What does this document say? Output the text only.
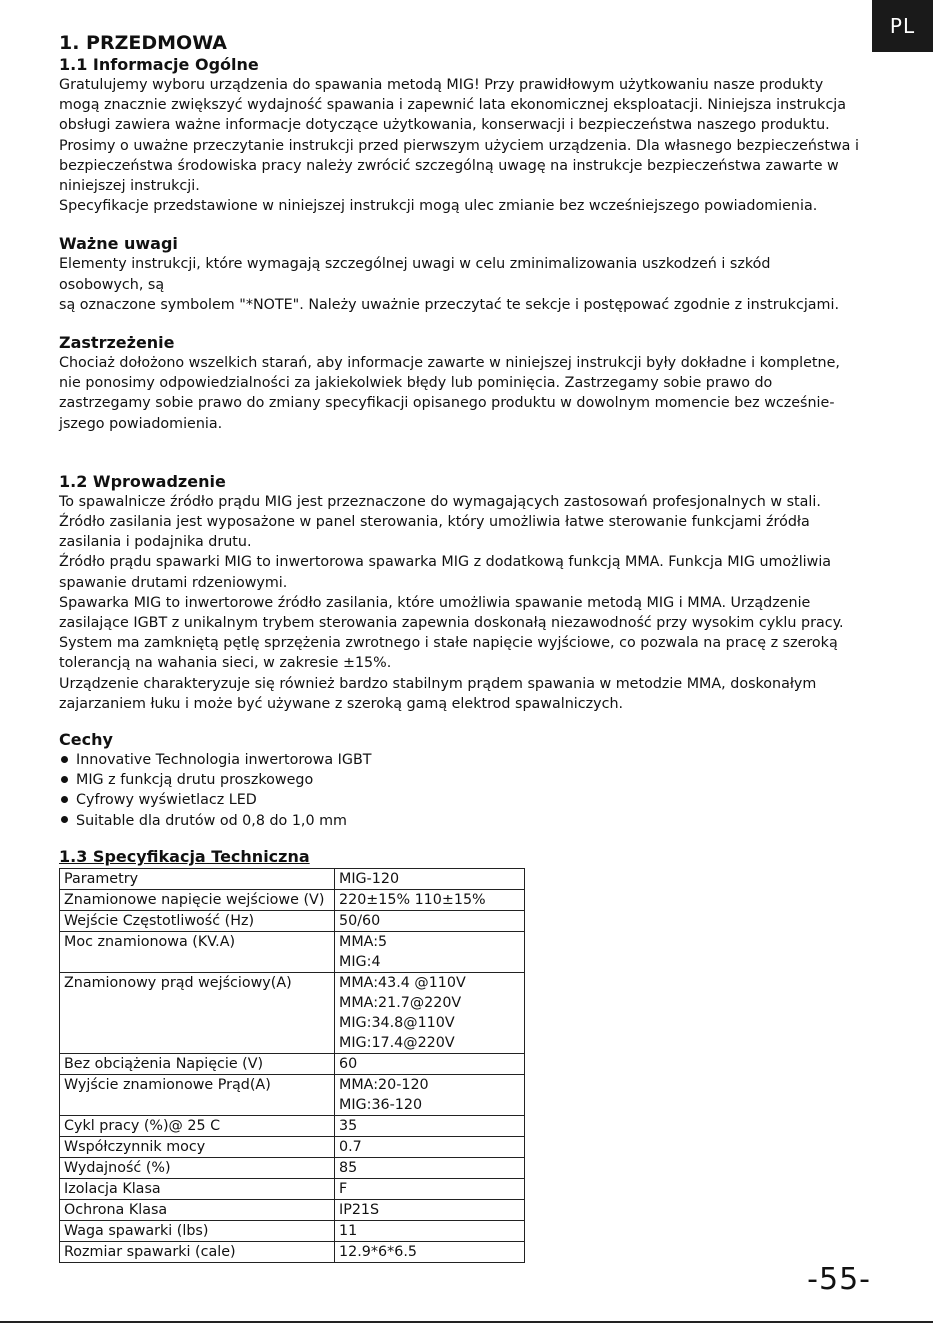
PL
1. PRZEDMOWA
1.1 Informacje Ogólne

Gratulujemy wyboru urządzenia do spawania metodą MIG! Przy prawidłowym użytkowaniu nasze produkty

mogą znacznie zwiększyć wydajność spawania i zapewnić lata ekonomicznej eksploatacji. Niniejsza instrukcja

obsługi zawiera ważne informacje dotyczące użytkowania, konserwacji i bezpieczeństwa naszego produktu.

Prosimy o uważne przeczytanie instrukcji przed pierwszym użyciem urządzenia. Dla własnego bezpieczeństwa i

bezpieczeństwa środowiska pracy należy zwrócić szczególną uwagę na instrukcje bezpieczeństwa zawarte w

niniejszej instrukcji.

Specyfikacje przedstawione w niniejszej instrukcji mogą ulec zmianie bez wcześniejszego powiadomienia.

Ważne uwagi

Elementy instrukcji, które wymagają szczególnej uwagi w celu zminimalizowania uszkodzeń i szkód

osobowych, są

są oznaczone symbolem "*NOTE". Należy uważnie przeczytać te sekcje i postępować zgodnie z instrukcjami.

Zastrzeżenie

Chociaż dołożono wszelkich starań, aby informacje zawarte w niniejszej instrukcji były dokładne i kompletne,

nie ponosimy odpowiedzialności za jakiekolwiek błędy lub pominięcia. Zastrzegamy sobie prawo do

zastrzegamy sobie prawo do zmiany specyfikacji opisanego produktu w dowolnym momencie bez wcześnie-

jszego powiadomienia.

1.2 Wprowadzenie

To spawalnicze źródło prądu MIG jest przeznaczone do wymagających zastosowań profesjonalnych w stali.

Źródło zasilania jest wyposażone w panel sterowania, który umożliwia łatwe sterowanie funkcjami źródła

zasilania i podajnika drutu.

Źródło prądu spawarki MIG to inwertorowa spawarka MIG z dodatkową funkcją MMA. Funkcja MIG umożliwia

spawanie drutami rdzeniowymi.

Spawarka MIG to inwertorowe źródło zasilania, które umożliwia spawanie metodą MIG i MMA. Urządzenie

zasilające IGBT z unikalnym trybem sterowania zapewnia doskonałą niezawodność przy wysokim cyklu pracy.

System ma zamkniętą pętlę sprzężenia zwrotnego i stałe napięcie wyjściowe, co pozwala na pracę z szeroką

tolerancją na wahania sieci, w zakresie ±15%.

Urządzenie charakteryzuje się również bardzo stabilnym prądem spawania w metodzie MMA, doskonałym

zajarzaniem łuku i może być używane z szeroką gamą elektrod spawalniczych.

Cechy
Innovative Technologia inwertorowa IGBT
MIG z funkcją drutu proszkowego
Cyfrowy wyświetlacz LED
Suitable dla drutów od 0,8 do 1,0 mm
1.3 Specyfikacja Techniczna
Parametry	MIG-120

Znamionowe napięcie wejściowe (V)	220±15% 110±15%

Wejście Częstotliwość (Hz)	50/60

Moc znamionowa (KV.A)	MMA:5
MIG:4

Znamionowy prąd wejściowy(A)	MMA:43.4 @110V
MMA:21.7@220V
MIG:34.8@110V
MIG:17.4@220V

Bez obciążenia Napięcie (V)	60

Wyjście znamionowe Prąd(A)	MMA:20-120
MIG:36-120

Cykl pracy (%)@ 25 C	35

Współczynnik mocy	0.7

Wydajność (%)	85

Izolacja Klasa	F

Ochrona Klasa	IP21S

Waga spawarki (lbs)	11

Rozmiar spawarki (cale)	12.9*6*6.5
-55-
